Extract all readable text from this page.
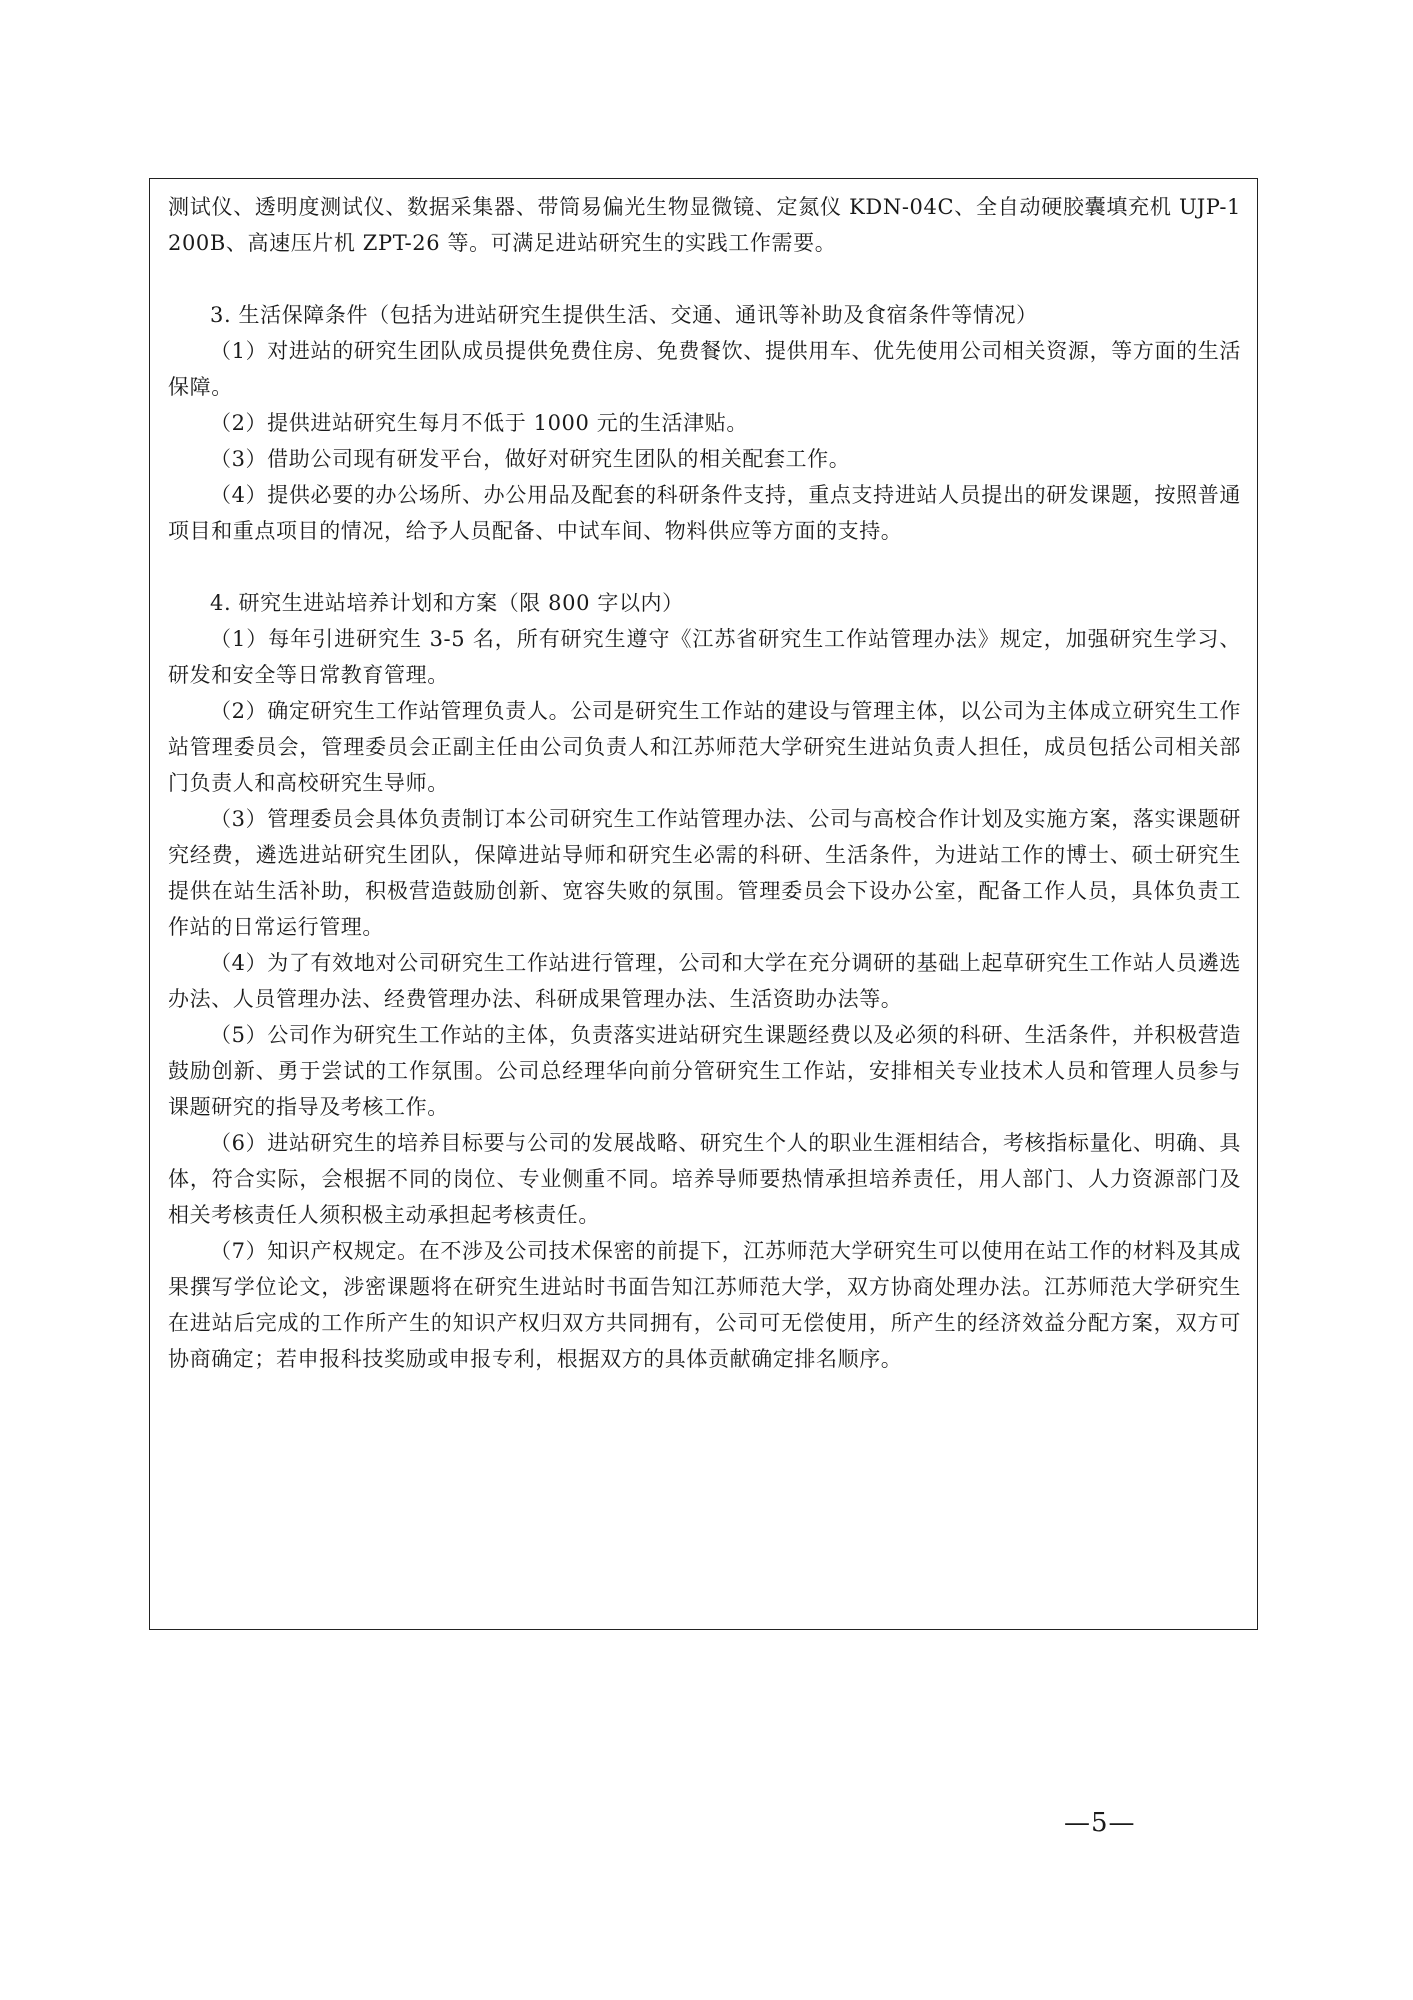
测试仪、透明度测试仪、数据采集器、带筒易偏光生物显微镜、定氮仪 KDN-04C、全自动硬胶囊填充机 UJP-1200B、高速压片机 ZPT-26 等。可满足进站研究生的实践工作需要。

3. 生活保障条件（包括为进站研究生提供生活、交通、通讯等补助及食宿条件等情况）

（1）对进站的研究生团队成员提供免费住房、免费餐饮、提供用车、优先使用公司相关资源，等方面的生活保障。

（2）提供进站研究生每月不低于 1000 元的生活津贴。

（3）借助公司现有研发平台，做好对研究生团队的相关配套工作。

（4）提供必要的办公场所、办公用品及配套的科研条件支持，重点支持进站人员提出的研发课题，按照普通项目和重点项目的情况，给予人员配备、中试车间、物料供应等方面的支持。

4. 研究生进站培养计划和方案（限 800 字以内）

（1）每年引进研究生 3-5 名，所有研究生遵守《江苏省研究生工作站管理办法》规定，加强研究生学习、研发和安全等日常教育管理。

（2）确定研究生工作站管理负责人。公司是研究生工作站的建设与管理主体，以公司为主体成立研究生工作站管理委员会，管理委员会正副主任由公司负责人和江苏师范大学研究生进站负责人担任，成员包括公司相关部门负责人和高校研究生导师。

（3）管理委员会具体负责制订本公司研究生工作站管理办法、公司与高校合作计划及实施方案，落实课题研究经费，遴选进站研究生团队，保障进站导师和研究生必需的科研、生活条件，为进站工作的博士、硕士研究生提供在站生活补助，积极营造鼓励创新、宽容失败的氛围。管理委员会下设办公室，配备工作人员，具体负责工作站的日常运行管理。

（4）为了有效地对公司研究生工作站进行管理，公司和大学在充分调研的基础上起草研究生工作站人员遴选办法、人员管理办法、经费管理办法、科研成果管理办法、生活资助办法等。

（5）公司作为研究生工作站的主体，负责落实进站研究生课题经费以及必须的科研、生活条件，并积极营造鼓励创新、勇于尝试的工作氛围。公司总经理华向前分管研究生工作站，安排相关专业技术人员和管理人员参与课题研究的指导及考核工作。

（6）进站研究生的培养目标要与公司的发展战略、研究生个人的职业生涯相结合，考核指标量化、明确、具体，符合实际，会根据不同的岗位、专业侧重不同。培养导师要热情承担培养责任，用人部门、人力资源部门及相关考核责任人须积极主动承担起考核责任。

（7）知识产权规定。在不涉及公司技术保密的前提下，江苏师范大学研究生可以使用在站工作的材料及其成果撰写学位论文，涉密课题将在研究生进站时书面告知江苏师范大学，双方协商处理办法。江苏师范大学研究生在进站后完成的工作所产生的知识产权归双方共同拥有，公司可无偿使用，所产生的经济效益分配方案，双方可协商确定；若申报科技奖励或申报专利，根据双方的具体贡献确定排名顺序。

—5—
